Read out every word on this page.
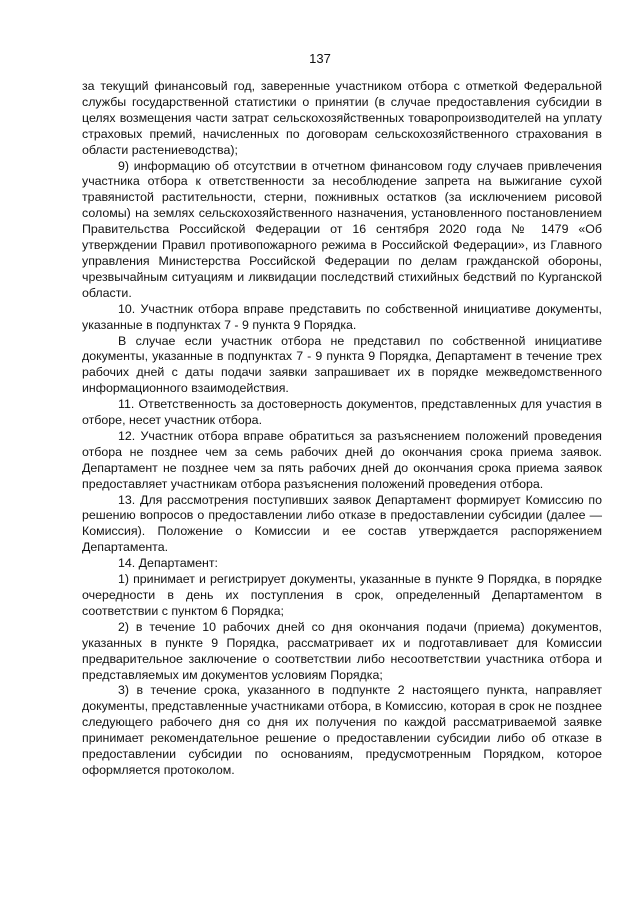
137

за текущий финансовый год, заверенные участником отбора с отметкой Федеральной службы государственной статистики о принятии (в случае предоставления субсидии в целях возмещения части затрат сельскохозяйственных товаропроизводителей на уплату страховых премий, начисленных по договорам сельскохозяйственного страхования в области растениеводства);

9) информацию об отсутствии в отчетном финансовом году случаев привлечения участника отбора к ответственности за несоблюдение запрета на выжигание сухой травянистой растительности, стерни, пожнивных остатков (за исключением рисовой соломы) на землях сельскохозяйственного назначения, установленного постановлением Правительства Российской Федерации от 16 сентября 2020 года № 1479 «Об утверждении Правил противопожарного режима в Российской Федерации», из Главного управления Министерства Российской Федерации по делам гражданской обороны, чрезвычайным ситуациям и ликвидации последствий стихийных бедствий по Курганской области.

10. Участник отбора вправе представить по собственной инициативе документы, указанные в подпунктах 7 - 9 пункта 9 Порядка.

В случае если участник отбора не представил по собственной инициативе документы, указанные в подпунктах 7 - 9 пункта 9 Порядка, Департамент в течение трех рабочих дней с даты подачи заявки запрашивает их в порядке межведомственного информационного взаимодействия.

11. Ответственность за достоверность документов, представленных для участия в отборе, несет участник отбора.

12. Участник отбора вправе обратиться за разъяснением положений проведения отбора не позднее чем за семь рабочих дней до окончания срока приема заявок. Департамент не позднее чем за пять рабочих дней до окончания срока приема заявок предоставляет участникам отбора разъяснения положений проведения отбора.

13. Для рассмотрения поступивших заявок Департамент формирует Комиссию по решению вопросов о предоставлении либо отказе в предоставлении субсидии (далее — Комиссия). Положение о Комиссии и ее состав утверждается распоряжением Департамента.

14. Департамент:

1) принимает и регистрирует документы, указанные в пункте 9 Порядка, в порядке очередности в день их поступления в срок, определенный Департаментом в соответствии с пунктом 6 Порядка;

2) в течение 10 рабочих дней со дня окончания подачи (приема) документов, указанных в пункте 9 Порядка, рассматривает их и подготавливает для Комиссии предварительное заключение о соответствии либо несоответствии участника отбора и представляемых им документов условиям Порядка;

3) в течение срока, указанного в подпункте 2 настоящего пункта, направляет документы, представленные участниками отбора, в Комиссию, которая в срок не позднее следующего рабочего дня со дня их получения по каждой рассматриваемой заявке принимает рекомендательное решение о предоставлении субсидии либо об отказе в предоставлении субсидии по основаниям, предусмотренным Порядком, которое оформляется протоколом.
